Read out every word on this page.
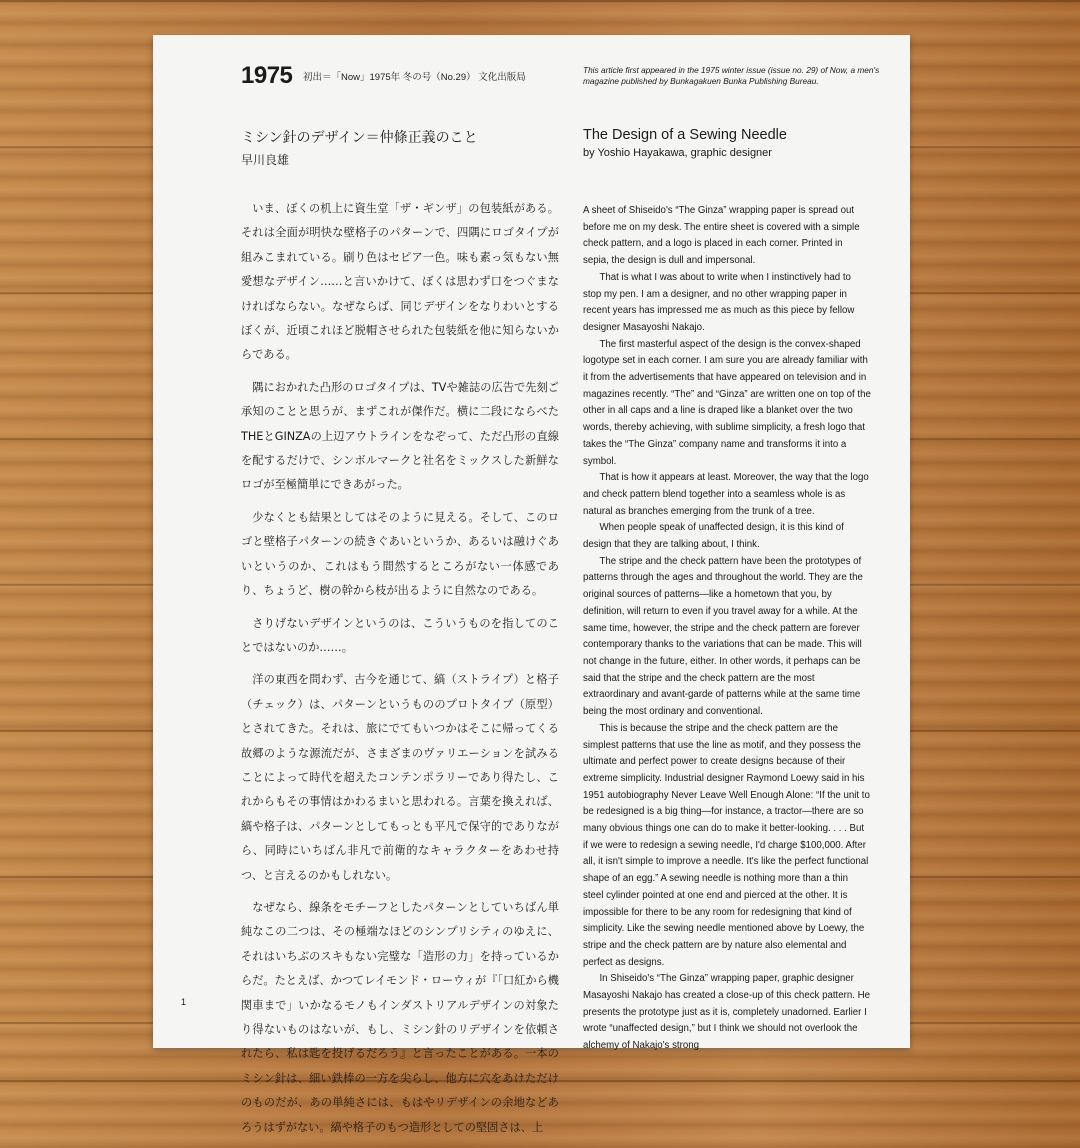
1975 初出＝「Now」1975年 冬の号（No.29） 文化出版局
This article first appeared in the 1975 winter issue (issue no. 29) of Now, a men's magazine published by Bunkagakuen Bunka Publishing Bureau.
ミシン針のデザイン＝仲條正義のこと
早川良雄
The Design of a Sewing Needle
by Yoshio Hayakawa, graphic designer

いま、ぼくの机上に資生堂「ザ・ギンザ」の包装紙がある。それは全面が明快な壁格子のパターンで、四隅にロゴタイプが組みこまれている。刷り色はセピア一色。味も素っ気もない無愛想なデザイン……と言いかけて、ぼくは思わず口をつぐまなければならない。なぜならば、同じデザインをなりわいとするぼくが、近頃これほど脱帽させられた包装紙を他に知らないからである。

隅におかれた凸形のロゴタイプは、TVや雑誌の広告で先刻ご承知のことと思うが、まずこれが傑作だ。横に二段にならべたTHEとGINZAの上辺アウトラインをなぞって、ただ凸形の直線を配するだけで、シンボルマークと社名をミックスした新鮮なロゴが至極簡単にできあがった。

少なくとも結果としてはそのように見える。そして、このロゴと壁格子パターンの続きぐあいというか、あるいは融けぐあいというのか、これはもう間然するところがない一体感であり、ちょうど、樹の幹から枝が出るように自然なのである。

さりげないデザインというのは、こういうものを指してのことではないのか……。

洋の東西を問わず、古今を通じて、縞（ストライプ）と格子（チェック）は、パターンというもののプロトタイプ（原型）とされてきた。それは、旅にでてもいつかはそこに帰ってくる故郷のような源流だが、さまざまのヴァリエーションを試みることによって時代を超えたコンテンポラリーであり得たし、これからもその事情はかわるまいと思われる。言葉を換えれば、縞や格子は、パターンとしてもっとも平凡で保守的でありながら、同時にいちばん非凡で前衛的なキャラクターをあわせ持つ、と言えるのかもしれない。

なぜなら、線条をモチーフとしたパターンとしていちばん単純なこの二つは、その極端なほどのシンプリシティのゆえに、それはいちぶのスキもない完璧な「造形の力」を持っているからだ。たとえば、かつてレイモンド・ローウィが『「口紅から機関車まで」いかなるモノもインダストリアルデザインの対象たり得ないものはないが、もし、ミシン針のリデザインを依頼されたら、私は匙を投げるだろう』と言ったことがある。一本のミシン針は、細い鉄棒の一方を尖らし、他方に穴をあけただけのものだが、あの単純さには、もはやリデザインの余地などあろうはずがない。縞や格子のもつ造形としての堅固さは、上

A sheet of Shiseido's “The Ginza” wrapping paper is spread out before me on my desk. The entire sheet is covered with a simple check pattern, and a logo is placed in each corner. Printed in sepia, the design is dull and impersonal.

That is what I was about to write when I instinctively had to stop my pen. I am a designer, and no other wrapping paper in recent years has impressed me as much as this piece by fellow designer Masayoshi Nakajo.

The first masterful aspect of the design is the convex-shaped logotype set in each corner. I am sure you are already familiar with it from the advertisements that have appeared on television and in magazines recently. “The” and “Ginza” are written one on top of the other in all caps and a line is draped like a blanket over the two words, thereby achieving, with sublime simplicity, a fresh logo that takes the “The Ginza” company name and transforms it into a symbol.

That is how it appears at least. Moreover, the way that the logo and check pattern blend together into a seamless whole is as natural as branches emerging from the trunk of a tree.

When people speak of unaffected design, it is this kind of design that they are talking about, I think.

The stripe and the check pattern have been the prototypes of patterns through the ages and throughout the world. They are the original sources of patterns—like a hometown that you, by definition, will return to even if you travel away for a while. At the same time, however, the stripe and the check pattern are forever contemporary thanks to the variations that can be made. This will not change in the future, either. In other words, it perhaps can be said that the stripe and the check pattern are the most extraordinary and avant-garde of patterns while at the same time being the most ordinary and conventional.

This is because the stripe and the check pattern are the simplest patterns that use the line as motif, and they possess the ultimate and perfect power to create designs because of their extreme simplicity. Industrial designer Raymond Loewy said in his 1951 autobiography Never Leave Well Enough Alone: “If the unit to be redesigned is a big thing—for instance, a tractor—there are so many obvious things one can do to make it better-looking. . . . But if we were to redesign a sewing needle, I'd charge $100,000. After all, it isn't simple to improve a needle. It's like the perfect functional shape of an egg.” A sewing needle is nothing more than a thin steel cylinder pointed at one end and pierced at the other. It is impossible for there to be any room for redesigning that kind of simplicity. Like the sewing needle mentioned above by Loewy, the stripe and the check pattern are by nature also elemental and perfect as designs.

In Shiseido's “The Ginza” wrapping paper, graphic designer Masayoshi Nakajo has created a close-up of this check pattern. He presents the prototype just as it is, completely unadorned. Earlier I wrote “unaffected design,” but I think we should not overlook the alchemy of Nakajo's strong

1
